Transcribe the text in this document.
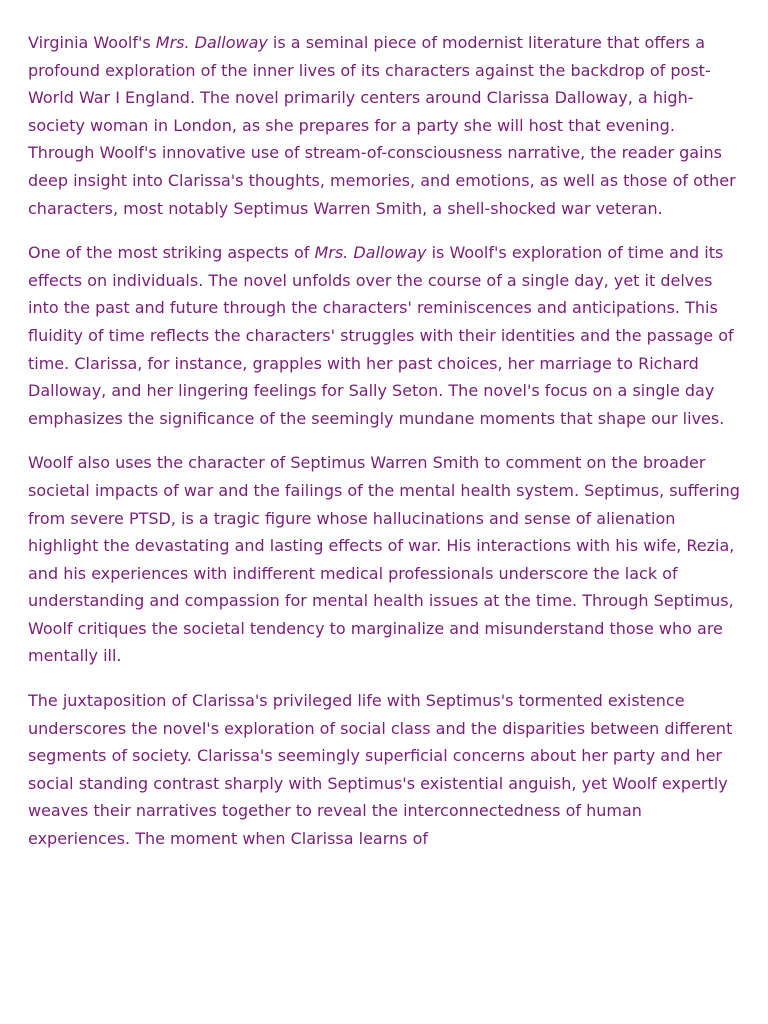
Virginia Woolf's Mrs. Dalloway is a seminal piece of modernist literature that offers a profound exploration of the inner lives of its characters against the backdrop of post-World War I England. The novel primarily centers around Clarissa Dalloway, a high-society woman in London, as she prepares for a party she will host that evening. Through Woolf's innovative use of stream-of-consciousness narrative, the reader gains deep insight into Clarissa's thoughts, memories, and emotions, as well as those of other characters, most notably Septimus Warren Smith, a shell-shocked war veteran.

One of the most striking aspects of Mrs. Dalloway is Woolf's exploration of time and its effects on individuals. The novel unfolds over the course of a single day, yet it delves into the past and future through the characters' reminiscences and anticipations. This fluidity of time reflects the characters' struggles with their identities and the passage of time. Clarissa, for instance, grapples with her past choices, her marriage to Richard Dalloway, and her lingering feelings for Sally Seton. The novel's focus on a single day emphasizes the significance of the seemingly mundane moments that shape our lives.

Woolf also uses the character of Septimus Warren Smith to comment on the broader societal impacts of war and the failings of the mental health system. Septimus, suffering from severe PTSD, is a tragic figure whose hallucinations and sense of alienation highlight the devastating and lasting effects of war. His interactions with his wife, Rezia, and his experiences with indifferent medical professionals underscore the lack of understanding and compassion for mental health issues at the time. Through Septimus, Woolf critiques the societal tendency to marginalize and misunderstand those who are mentally ill.

The juxtaposition of Clarissa's privileged life with Septimus's tormented existence underscores the novel's exploration of social class and the disparities between different segments of society. Clarissa's seemingly superficial concerns about her party and her social standing contrast sharply with Septimus's existential anguish, yet Woolf expertly weaves their narratives together to reveal the interconnectedness of human experiences. The moment when Clarissa learns of
